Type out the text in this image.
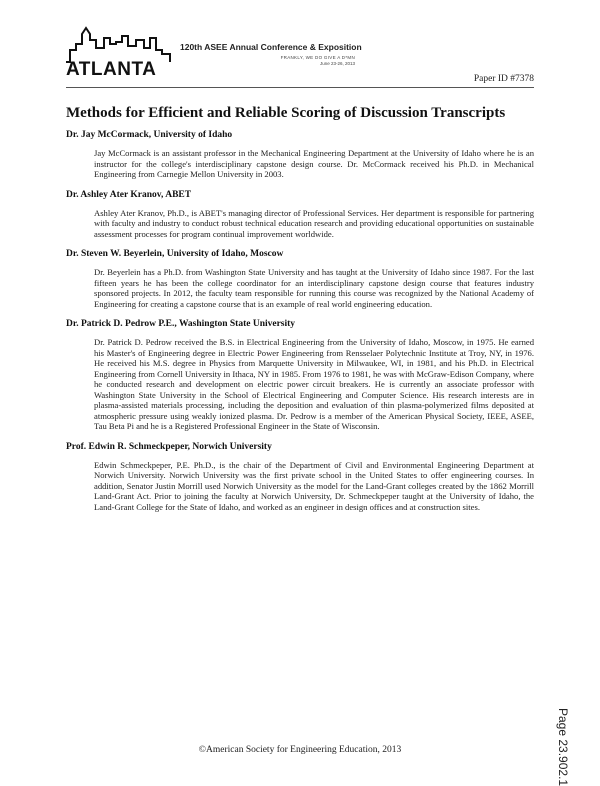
ATLANTA
120th ASEE Annual Conference & Exposition
FRANKLY, WE DO GIVE A D*MN
June 23-26, 2013
Paper ID #7378
Methods for Efficient and Reliable Scoring of Discussion Transcripts
Dr. Jay McCormack, University of Idaho

Jay McCormack is an assistant professor in the Mechanical Engineering Department at the University of Idaho where he is an instructor for the college's interdisciplinary capstone design course. Dr. McCormack received his Ph.D. in Mechanical Engineering from Carnegie Mellon University in 2003.

Dr. Ashley Ater Kranov, ABET

Ashley Ater Kranov, Ph.D., is ABET's managing director of Professional Services. Her department is responsible for partnering with faculty and industry to conduct robust technical education research and providing educational opportunities on sustainable assessment processes for program continual improvement worldwide.

Dr. Steven W. Beyerlein, University of Idaho, Moscow

Dr. Beyerlein has a Ph.D. from Washington State University and has taught at the University of Idaho since 1987. For the last fifteen years he has been the college coordinator for an interdisciplinary capstone design course that features industry sponsored projects. In 2012, the faculty team responsible for running this course was recognized by the National Academy of Engineering for creating a capstone course that is an example of real world engineering education.

Dr. Patrick D. Pedrow P.E., Washington State University

Dr. Patrick D. Pedrow received the B.S. in Electrical Engineering from the University of Idaho, Moscow, in 1975. He earned his Master's of Engineering degree in Electric Power Engineering from Rensselaer Polytechnic Institute at Troy, NY, in 1976. He received his M.S. degree in Physics from Marquette University in Milwaukee, WI, in 1981, and his Ph.D. in Electrical Engineering from Cornell University in Ithaca, NY in 1985. From 1976 to 1981, he was with McGraw-Edison Company, where he conducted research and development on electric power circuit breakers. He is currently an associate professor with Washington State University in the School of Electrical Engineering and Computer Science. His research interests are in plasma-assisted materials processing, including the deposition and evaluation of thin plasma-polymerized films deposited at atmospheric pressure using weakly ionized plasma. Dr. Pedrow is a member of the American Physical Society, IEEE, ASEE, Tau Beta Pi and he is a Registered Professional Engineer in the State of Wisconsin.

Prof. Edwin R. Schmeckpeper, Norwich University

Edwin Schmeckpeper, P.E. Ph.D., is the chair of the Department of Civil and Environmental Engineering Department at Norwich University. Norwich University was the first private school in the United States to offer engineering courses. In addition, Senator Justin Morrill used Norwich University as the model for the Land-Grant colleges created by the 1862 Morrill Land-Grant Act. Prior to joining the faculty at Norwich University, Dr. Schmeckpeper taught at the University of Idaho, the Land-Grant College for the State of Idaho, and worked as an engineer in design offices and at construction sites.

Page 23.902.1
©American Society for Engineering Education, 2013
